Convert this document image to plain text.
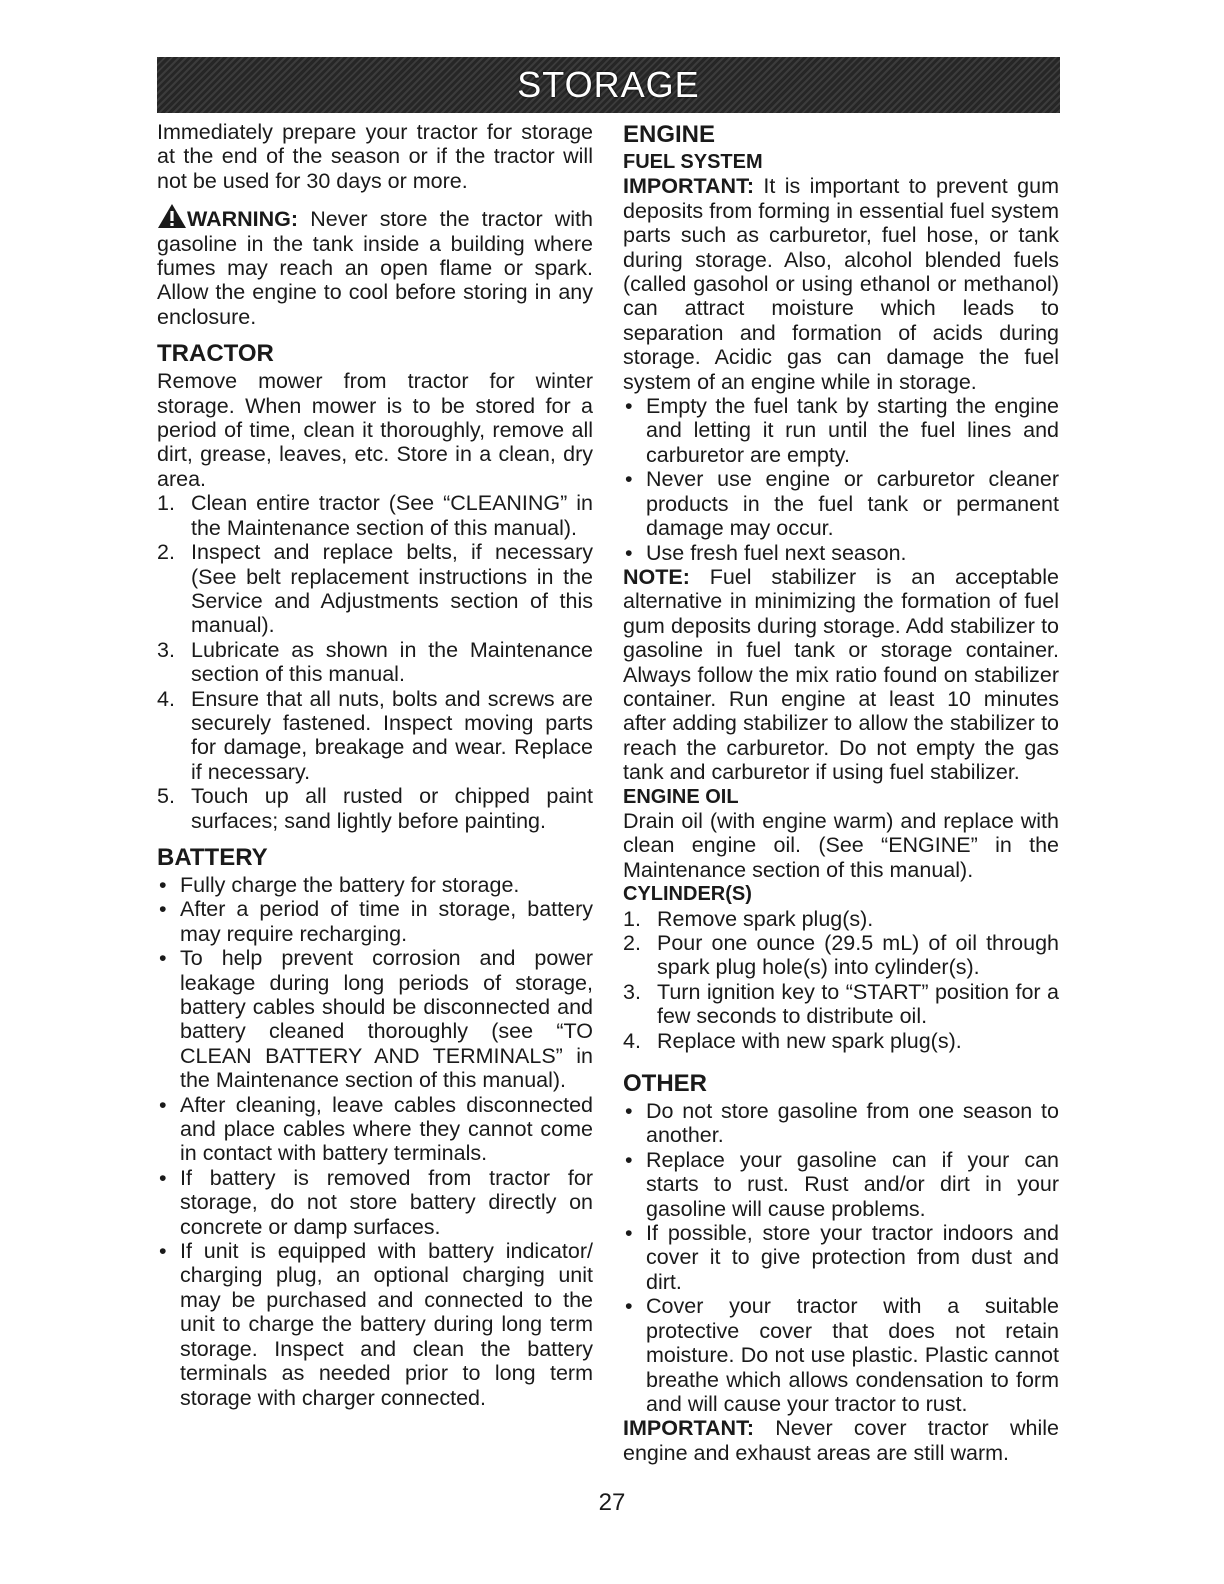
STORAGE

Immediately prepare your tractor for storage at the end of the season or if the tractor will not be used for 30 days or more.

WARNING: Never store the tractor with gasoline in the tank inside a building where fumes may reach an open flame or spark. Allow the engine to cool before storing in any enclosure.

TRACTOR

Remove mower from tractor for winter storage. When mower is to be stored for a period of time, clean it thoroughly, remove all dirt, grease, leaves, etc. Store in a clean, dry area.

1. Clean entire tractor (See “CLEANING” in the Maintenance section of this manual).
2. Inspect and replace belts, if necessary (See belt replacement instructions in the Service and Adjustments section of this manual).
3. Lubricate as shown in the Maintenance section of this manual.
4. Ensure that all nuts, bolts and screws are securely fastened. Inspect moving parts for damage, breakage and wear. Replace if necessary.
5. Touch up all rusted or chipped paint surfaces; sand lightly before painting.
BATTERY
• Fully charge the battery for storage.
• After a period of time in storage, battery may require recharging.
• To help prevent corrosion and power leakage during long periods of storage, battery cables should be disconnected and battery cleaned thoroughly (see “TO CLEAN BATTERY AND TERMINALS” in the Maintenance section of this manual).
• After cleaning, leave cables disconnected and place cables where they cannot come in contact with battery terminals.
• If battery is removed from tractor for storage, do not store battery directly on concrete or damp surfaces.
• If unit is equipped with battery indicator/ charging plug, an optional charging unit may be purchased and connected to the unit to charge the battery during long term storage. Inspect and clean the battery terminals as needed prior to long term storage with charger connected.
ENGINE
FUEL SYSTEM

IMPORTANT: It is important to prevent gum deposits from forming in essential fuel system parts such as carburetor, fuel hose, or tank during storage. Also, alcohol blended fuels (called gasohol or using ethanol or methanol) can attract moisture which leads to separation and formation of acids during storage. Acidic gas can damage the fuel system of an engine while in storage.

• Empty the fuel tank by starting the engine and letting it run until the fuel lines and carburetor are empty.
• Never use engine or carburetor cleaner products in the fuel tank or permanent damage may occur.
• Use fresh fuel next season.

NOTE: Fuel stabilizer is an acceptable alternative in minimizing the formation of fuel gum deposits during storage. Add stabilizer to gasoline in fuel tank or storage container. Always follow the mix ratio found on stabilizer container. Run engine at least 10 minutes after adding stabilizer to allow the stabilizer to reach the carburetor. Do not empty the gas tank and carburetor if using fuel stabilizer.

ENGINE OIL

Drain oil (with engine warm) and replace with clean engine oil. (See “ENGINE” in the Maintenance section of this manual).

CYLINDER(S)
1. Remove spark plug(s).
2. Pour one ounce (29.5 mL) of oil through spark plug hole(s) into cylinder(s).
3. Turn ignition key to “START” position for a few seconds to distribute oil.
4. Replace with new spark plug(s).
OTHER
• Do not store gasoline from one season to another.
• Replace your gasoline can if your can starts to rust. Rust and/or dirt in your gasoline will cause problems.
• If possible, store your tractor indoors and cover it to give protection from dust and dirt.
• Cover your tractor with a suitable protective cover that does not retain moisture. Do not use plastic. Plastic cannot breathe which allows condensation to form and will cause your tractor to rust.

IMPORTANT: Never cover tractor while engine and exhaust areas are still warm.

27
